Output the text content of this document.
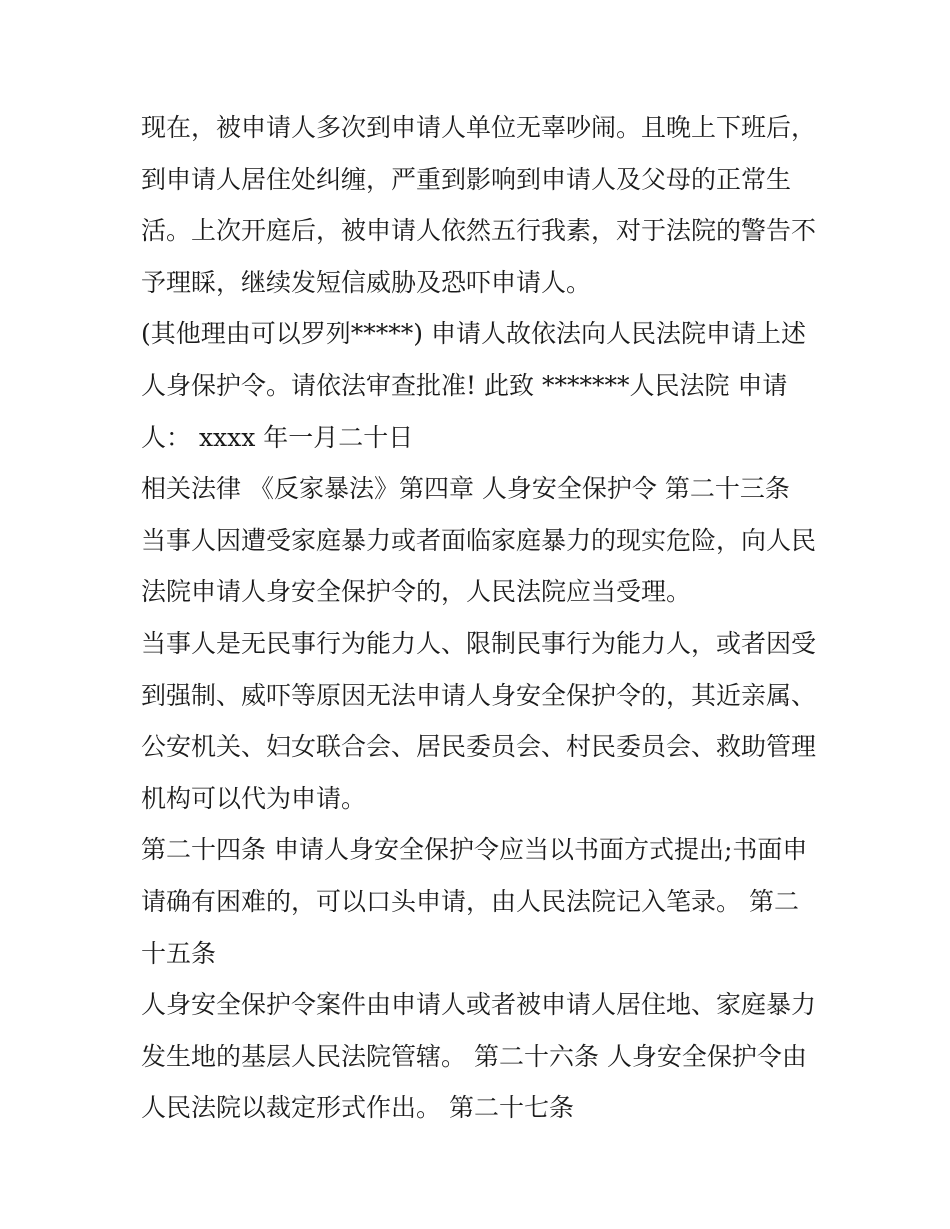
现在，被申请人多次到申请人单位无辜吵闹。且晚上下班后，
到申请人居住处纠缠，严重到影响到申请人及父母的正常生
活。上次开庭后，被申请人依然五行我素，对于法院的警告不
予理睬，继续发短信威胁及恐吓申请人。
(其他理由可以罗列*****) 申请人故依法向人民法院申请上述
人身保护令。请依法审查批准! 此致 *******人民法院 申请
人： xxxx 年一月二十日
相关法律 《反家暴法》第四章 人身安全保护令 第二十三条
当事人因遭受家庭暴力或者面临家庭暴力的现实危险，向人民
法院申请人身安全保护令的，人民法院应当受理。
当事人是无民事行为能力人、限制民事行为能力人，或者因受
到强制、威吓等原因无法申请人身安全保护令的，其近亲属、
公安机关、妇女联合会、居民委员会、村民委员会、救助管理
机构可以代为申请。
第二十四条 申请人身安全保护令应当以书面方式提出;书面申
请确有困难的，可以口头申请，由人民法院记入笔录。 第二
十五条
人身安全保护令案件由申请人或者被申请人居住地、家庭暴力
发生地的基层人民法院管辖。 第二十六条 人身安全保护令由
人民法院以裁定形式作出。 第二十七条
